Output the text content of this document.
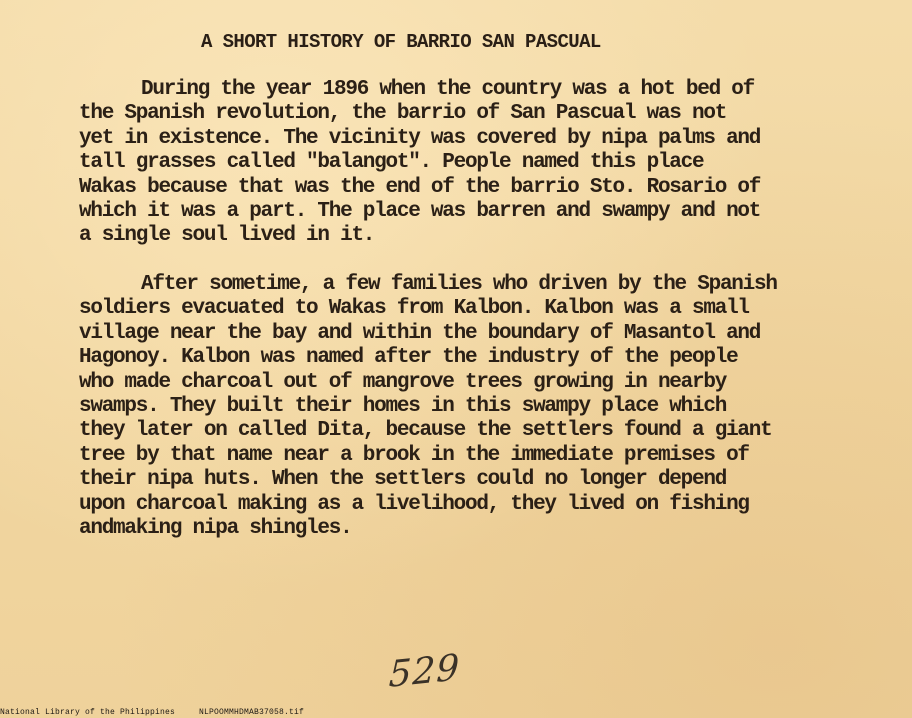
A SHORT HISTORY OF BARRIO SAN PASCUAL
During the year 1896 when the country was a hot bed of
the Spanish revolution, the barrio of San Pascual was not
yet in existence. The vicinity was covered by nipa palms and
tall grasses called "balangot". People named this place
Wakas because that was the end of the barrio Sto. Rosario of
which it was a part. The place was barren and swampy and not
a single soul lived in it.
After sometime, a few families who driven by the Spanish
soldiers evacuated to Wakas from Kalbon. Kalbon was a small
village near the bay and within the boundary of Masantol and
Hagonoy. Kalbon was named after the industry of the people
who made charcoal out of mangrove trees growing in nearby
swamps. They built their homes in this swampy place which
they later on called Dita, because the settlers found a giant
tree by that name near a brook in the immediate premises of
their nipa huts. When the settlers could no longer depend
upon charcoal making as a livelihood, they lived on fishing
andmaking nipa shingles.
529
National Library of the Philippines	NLPOOMMHDMAB37058.tif
